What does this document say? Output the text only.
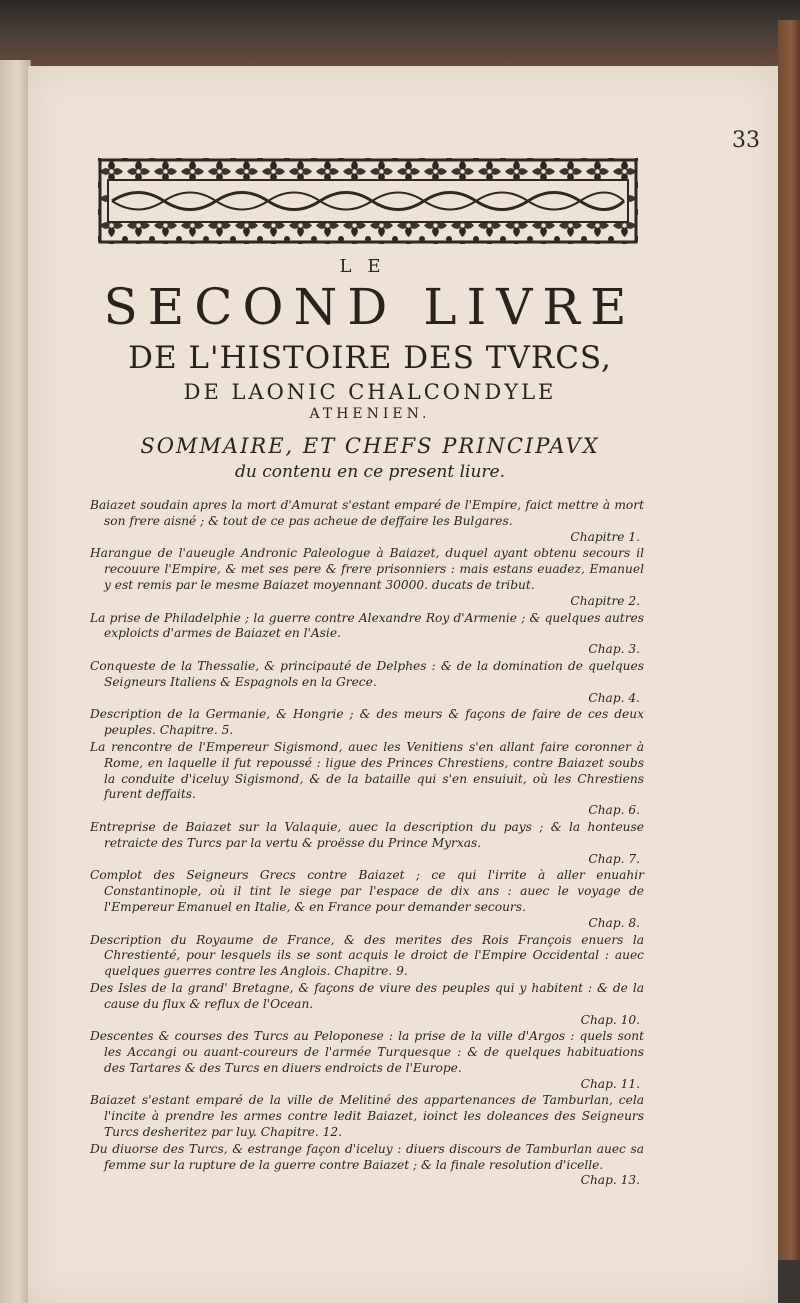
33
LE
SECOND LIVRE
DE L'HISTOIRE DES TVRCS,
DE LAONIC CHALCONDYLE
ATHENIEN.
SOMMAIRE, ET CHEFS PRINCIPAVX
du contenu en ce present liure.
Baiazet soudain apres la mort d'Amurat s'estant emparé de l'Empire, faict mettre à mort son frere aisné ; & tout de ce pas acheue de deffaire les Bulgares.
Chapitre 1.
Harangue de l'aueugle Andronic Paleologue à Baiazet, duquel ayant obtenu secours il recouure l'Empire, & met ses pere & frere prisonniers : mais estans euadez, Emanuel y est remis par le mesme Baiazet moyennant 30000. ducats de tribut.
Chapitre 2.
La prise de Philadelphie ; la guerre contre Alexandre Roy d'Armenie ; & quelques autres exploicts d'armes de Baiazet en l'Asie.
Chap. 3.
Conqueste de la Thessalie, & principauté de Delphes : & de la domination de quelques Seigneurs Italiens & Espagnols en la Grece.
Chap. 4.
Description de la Germanie, & Hongrie ; & des meurs & façons de faire de ces deux peuples. Chapitre. 5.
La rencontre de l'Empereur Sigismond, auec les Venitiens s'en allant faire coronner à Rome, en laquelle il fut repoussé : ligue des Princes Chrestiens, contre Baiazet soubs la conduite d'iceluy Sigismond, & de la bataille qui s'en ensuiuit, où les Chrestiens furent deffaits.
Chap. 6.
Entreprise de Baiazet sur la Valaquie, auec la description du pays ; & la honteuse retraicte des Turcs par la vertu & proësse du Prince Myrxas.
Chap. 7.
Complot des Seigneurs Grecs contre Baiazet ; ce qui l'irrite à aller enuahir Constantinople, où il tint le siege par l'espace de dix ans : auec le voyage de l'Empereur Emanuel en Italie, & en France pour demander secours.
Chap. 8.
Description du Royaume de France, & des merites des Rois François enuers la Chrestienté, pour lesquels ils se sont acquis le droict de l'Empire Occidental : auec quelques guerres contre les Anglois. Chapitre. 9.
Des Isles de la grand' Bretagne, & façons de viure des peuples qui y habitent : & de la cause du flux & reflux de l'Ocean.
Chap. 10.
Descentes & courses des Turcs au Peloponese : la prise de la ville d'Argos : quels sont les Accangi ou auant-coureurs de l'armée Turquesque : & de quelques habituations des Tartares & des Turcs en diuers endroicts de l'Europe.
Chap. 11.
Baiazet s'estant emparé de la ville de Melitiné des appartenances de Tamburlan, cela l'incite à prendre les armes contre ledit Baiazet, ioinct les doleances des Seigneurs Turcs desheritez par luy. Chapitre. 12.
Du diuorse des Turcs, & estrange façon d'iceluy : diuers discours de Tamburlan auec sa femme sur la rupture de la guerre contre Baiazet ; & la finale resolution d'icelle.
Chap. 13.
